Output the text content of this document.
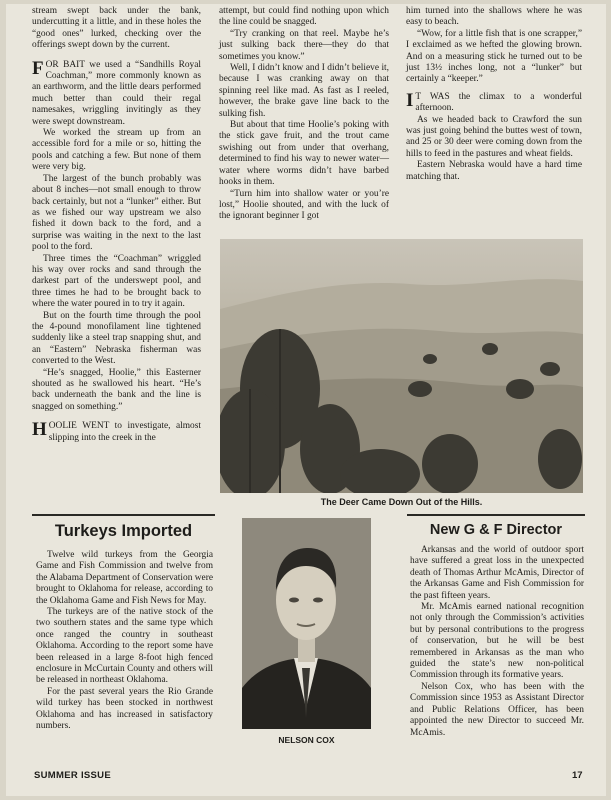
stream swept back under the bank, undercutting it a little, and in these holes the “good ones” lurked, checking over the offerings swept down by the current.

FOR BAIT we used a “Sandhills Royal Coachman,” more commonly known as an earthworm, and the little dears performed much better than could their regal namesakes, wriggling invitingly as they were swept downstream.

We worked the stream up from an accessible ford for a mile or so, hitting the pools and catching a few. But none of them were very big.

The largest of the bunch probably was about 8 inches—not small enough to throw back certainly, but not a “lunker” either. But as we fished our way upstream we also fished it down back to the ford, and a surprise was waiting in the next to the last pool to the ford.

Three times the “Coachman” wriggled his way over rocks and sand through the darkest part of the underswept pool, and three times he had to be brought back to where the water poured in to try it again.

But on the fourth time through the pool the 4-pound monofilament line tightened suddenly like a steel trap snapping shut, and an “Eastern” Nebraska fisherman was converted to the West.

“He’s snagged, Hoolie,” this Easterner shouted as he swallowed his heart. “He’s back underneath the bank and the line is snagged on something.”

HOOLIE WENT to investigate, almost slipping into the creek in the

attempt, but could find nothing upon which the line could be snagged.

“Try cranking on that reel. Maybe he’s just sulking back there—they do that sometimes you know.”

Well, I didn’t know and I didn’t believe it, because I was cranking away on that spinning reel like mad. As fast as I reeled, however, the brake gave line back to the sulking fish.

But about that time Hoolie’s poking with the stick gave fruit, and the trout came swishing out from under that overhang, determined to find his way to newer water—water where worms didn’t have barbed hooks in them.

“Turn him into shallow water or you’re lost,” Hoolie shouted, and with the luck of the ignorant beginner I got

him turned into the shallows where he was easy to beach.

“Wow, for a little fish that is one scrapper,” I exclaimed as we hefted the glowing brown. And on a measuring stick he turned out to be just 13½ inches long, not a “lunker” but certainly a “keeper.”

IT WAS the climax to a wonderful afternoon.

As we headed back to Crawford the sun was just going behind the buttes west of town, and 25 or 30 deer were coming down from the hills to feed in the pastures and wheat fields.

Eastern Nebraska would have a hard time matching that.

The Deer Came Down Out of the Hills.
Turkeys Imported

Twelve wild turkeys from the Georgia Game and Fish Commission and twelve from the Alabama Department of Conservation were brought to Oklahoma for release, according to the Oklahoma Game and Fish News for May.

The turkeys are of the native stock of the two southern states and the same type which once ranged the country in southeast Oklahoma. According to the report some have been released in a large 8-foot high fenced enclosure in McCurtain County and others will be released in northeast Oklahoma.

For the past several years the Rio Grande wild turkey has been stocked in northwest Oklahoma and has increased in satisfactory numbers.

NELSON COX
New G & F Director

Arkansas and the world of outdoor sport have suffered a great loss in the unexpected death of Thomas Arthur McAmis, Director of the Arkansas Game and Fish Commission for the past fifteen years.

Mr. McAmis earned national recognition not only through the Commission’s activities but by personal contributions to the progress of conservation, but he will be best remembered in Arkansas as the man who guided the state’s new non-political Commission through its formative years.

Nelson Cox, who has been with the Commission since 1953 as Assistant Director and Public Relations Officer, has been appointed the new Director to succeed Mr. McAmis.

SUMMER ISSUE	17
